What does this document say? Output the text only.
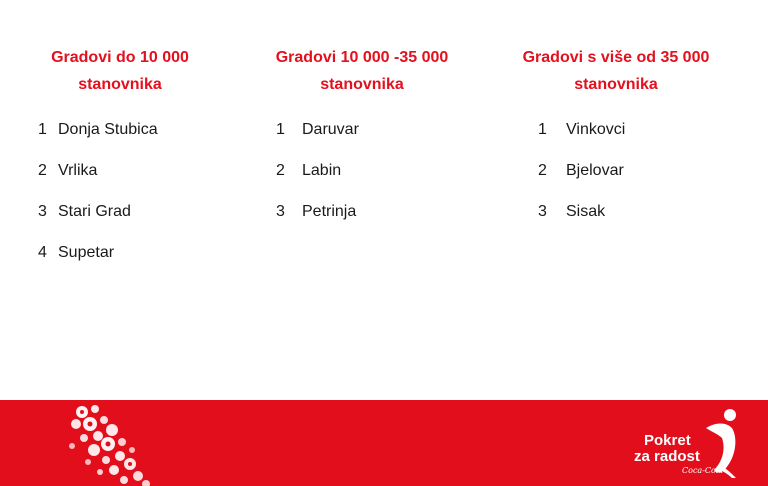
Gradovi do 10 000
stanovnika

1 Donja Stubica
2 Vrlika
3 Stari Grad
4 Supetar

Gradovi 10 000 -35 000
stanovnika

1	Daruvar
2	Labin
3	Petrinja

Gradovi s više od 35 000
stanovnika

1	Vinkovci
2	Bjelovar
3	Sisak
Pokret
za radost
Coca-Cola
